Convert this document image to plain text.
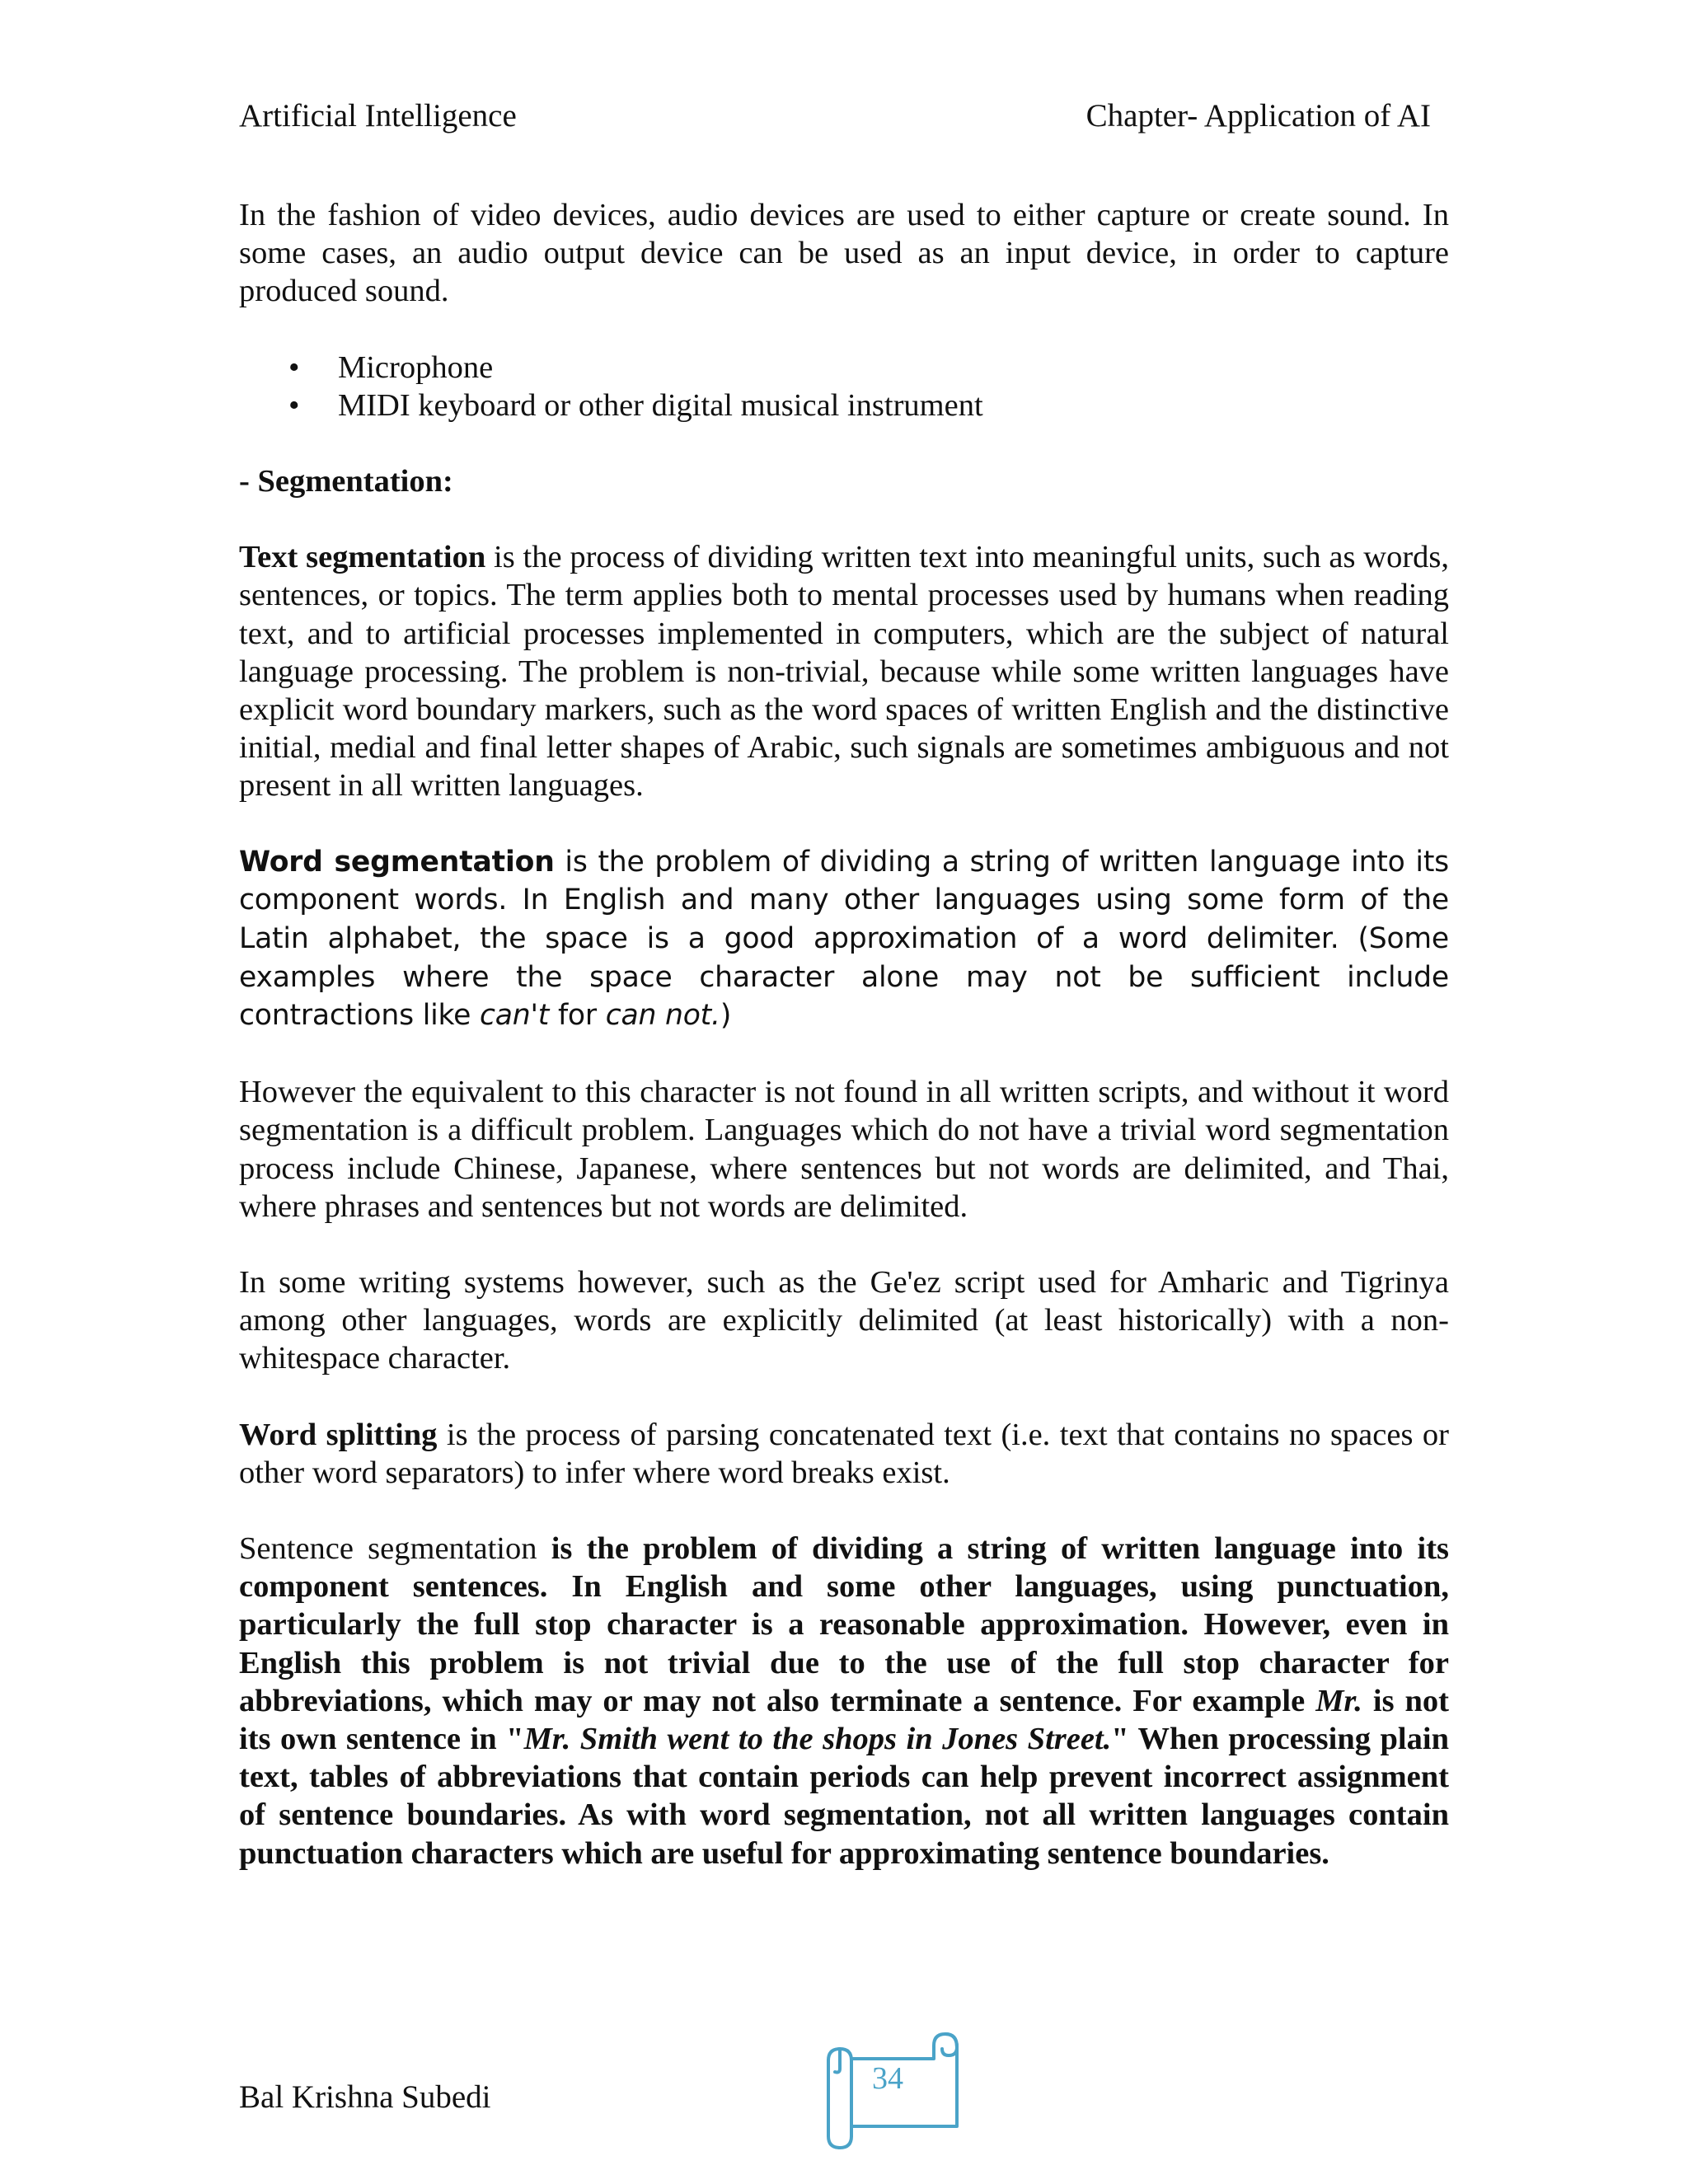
Artificial Intelligence	Chapter- Application of AI

In the fashion of video devices, audio devices are used to either capture or create sound. In some cases, an audio output device can be used as an input device, in order to capture produced sound.

• Microphone
• MIDI keyboard or other digital musical instrument
- Segmentation:

Text segmentation is the process of dividing written text into meaningful units, such as words, sentences, or topics. The term applies both to mental processes used by humans when reading text, and to artificial processes implemented in computers, which are the subject of natural language processing. The problem is non-trivial, because while some written languages have explicit word boundary markers, such as the word spaces of written English and the distinctive initial, medial and final letter shapes of Arabic, such signals are sometimes ambiguous and not present in all written languages.

Word segmentation is the problem of dividing a string of written language into its component words. In English and many other languages using some form of the Latin alphabet, the space is a good approximation of a word delimiter. (Some examples where the space character alone may not be sufficient include contractions like can't for can not.)

However the equivalent to this character is not found in all written scripts, and without it word segmentation is a difficult problem. Languages which do not have a trivial word segmentation process include Chinese, Japanese, where sentences but not words are delimited, and Thai, where phrases and sentences but not words are delimited.

In some writing systems however, such as the Ge'ez script used for Amharic and Tigrinya among other languages, words are explicitly delimited (at least historically) with a non-whitespace character.

Word splitting is the process of parsing concatenated text (i.e. text that contains no spaces or other word separators) to infer where word breaks exist.

Sentence segmentation is the problem of dividing a string of written language into its component sentences. In English and some other languages, using punctuation, particularly the full stop character is a reasonable approximation. However, even in English this problem is not trivial due to the use of the full stop character for abbreviations, which may or may not also terminate a sentence. For example Mr. is not its own sentence in "Mr. Smith went to the shops in Jones Street." When processing plain text, tables of abbreviations that contain periods can help prevent incorrect assignment of sentence boundaries. As with word segmentation, not all written languages contain punctuation characters which are useful for approximating sentence boundaries.

Bal Krishna Subedi
34
